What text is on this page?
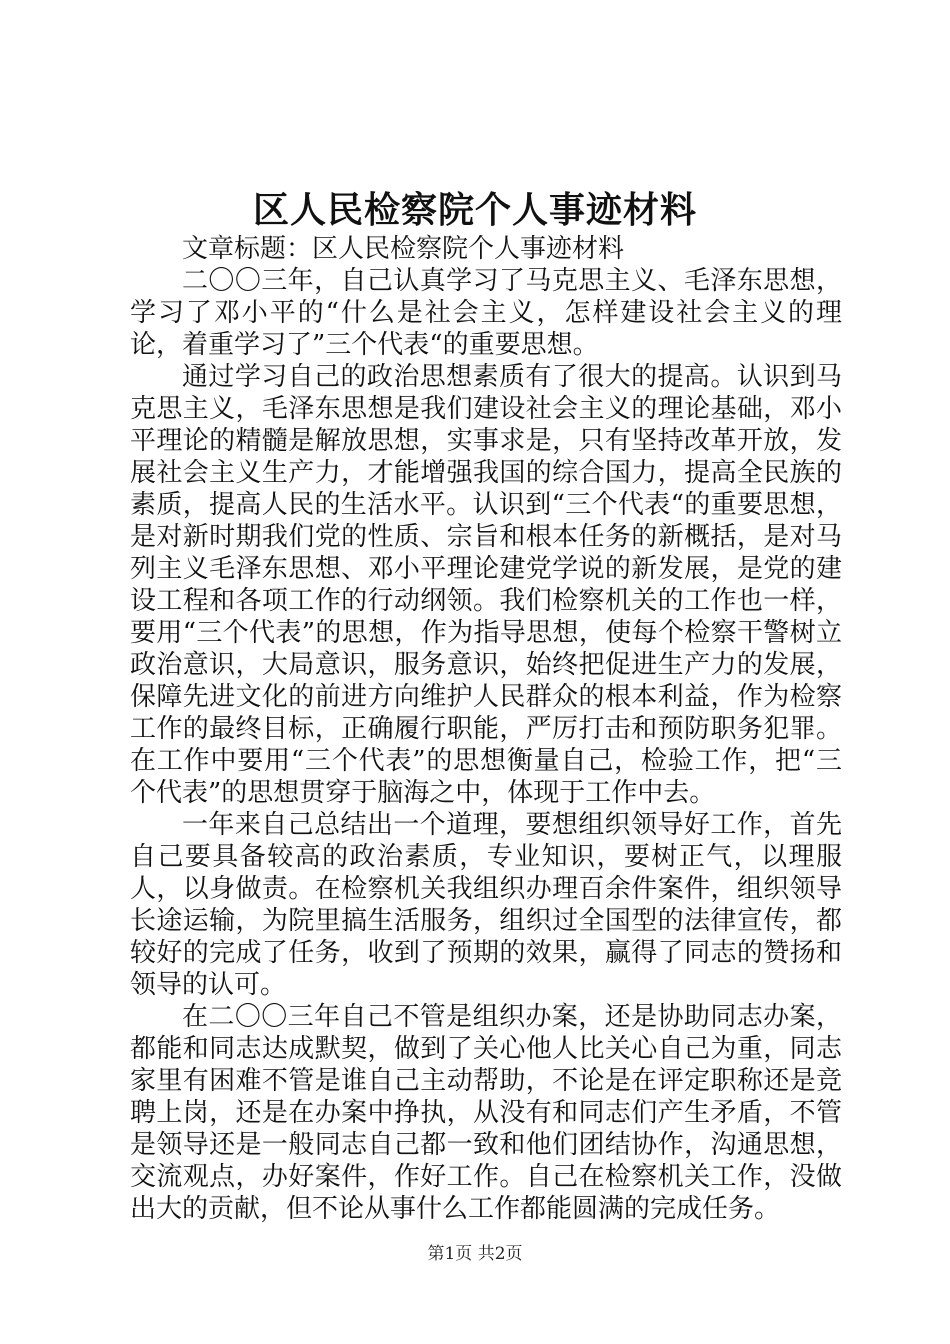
区人民检察院个人事迹材料

文章标题：区人民检察院个人事迹材料

二〇〇三年，自己认真学习了马克思主义、毛泽东思想，学习了邓小平的“什么是社会主义，怎样建设社会主义的理论，着重学习了”三个代表“的重要思想。

通过学习自己的政治思想素质有了很大的提高。认识到马克思主义，毛泽东思想是我们建设社会主义的理论基础，邓小平理论的精髓是解放思想，实事求是，只有坚持改革开放，发展社会主义生产力，才能增强我国的综合国力，提高全民族的素质，提高人民的生活水平。认识到“三个代表“的重要思想，是对新时期我们党的性质、宗旨和根本任务的新概括，是对马列主义毛泽东思想、邓小平理论建党学说的新发展，是党的建设工程和各项工作的行动纲领。我们检察机关的工作也一样，要用“三个代表”的思想，作为指导思想，使每个检察干警树立政治意识，大局意识，服务意识，始终把促进生产力的发展，保障先进文化的前进方向维护人民群众的根本利益，作为检察工作的最终目标，正确履行职能，严厉打击和预防职务犯罪。在工作中要用“三个代表”的思想衡量自己，检验工作，把“三个代表”的思想贯穿于脑海之中，体现于工作中去。

一年来自己总结出一个道理，要想组织领导好工作，首先自己要具备较高的政治素质，专业知识，要树正气，以理服人，以身做责。在检察机关我组织办理百余件案件，组织领导长途运输，为院里搞生活服务，组织过全国型的法律宣传，都较好的完成了任务，收到了预期的效果，赢得了同志的赞扬和领导的认可。

在二〇〇三年自己不管是组织办案，还是协助同志办案，都能和同志达成默契，做到了关心他人比关心自己为重，同志家里有困难不管是谁自己主动帮助，不论是在评定职称还是竞聘上岗，还是在办案中挣执，从没有和同志们产生矛盾，不管是领导还是一般同志自己都一致和他们团结协作，沟通思想，交流观点，办好案件，作好工作。自己在检察机关工作，没做出大的贡献，但不论从事什么工作都能圆满的完成任务。

第1页 共2页
